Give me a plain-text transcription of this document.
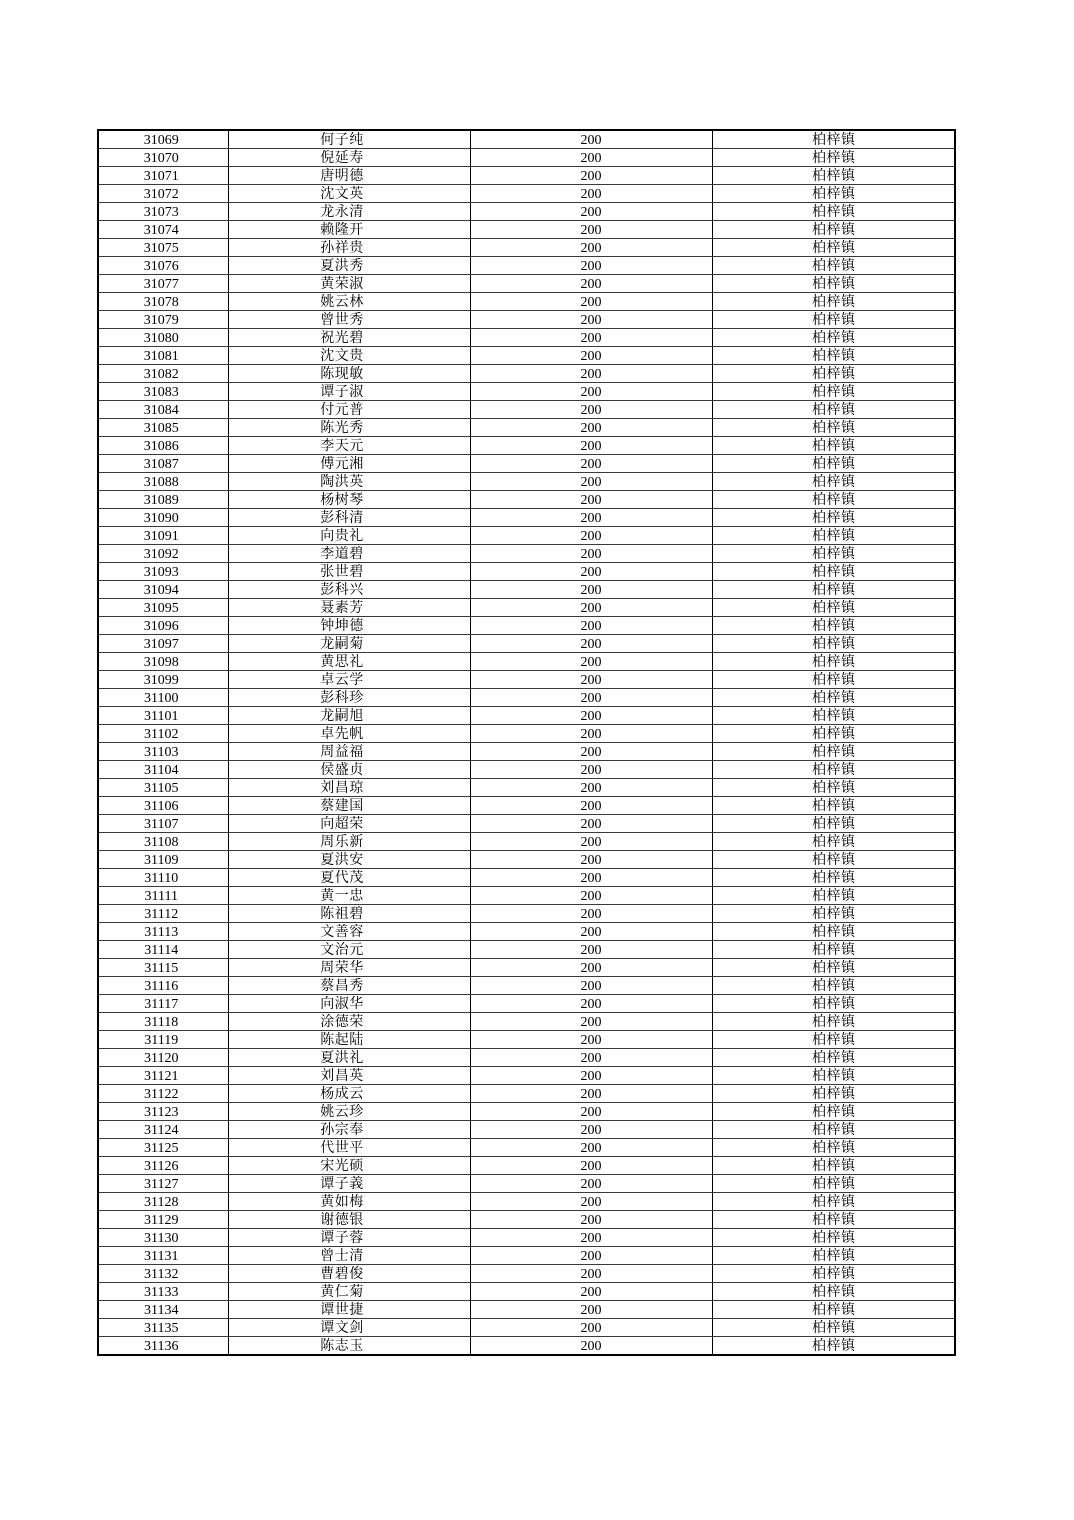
31069	何子纯	200	柏梓镇
31070	倪延寿	200	柏梓镇
31071	唐明德	200	柏梓镇
31072	沈文英	200	柏梓镇
31073	龙永清	200	柏梓镇
31074	赖隆开	200	柏梓镇
31075	孙祥贵	200	柏梓镇
31076	夏洪秀	200	柏梓镇
31077	黄荣淑	200	柏梓镇
31078	姚云林	200	柏梓镇
31079	曾世秀	200	柏梓镇
31080	祝光碧	200	柏梓镇
31081	沈文贵	200	柏梓镇
31082	陈现敏	200	柏梓镇
31083	谭子淑	200	柏梓镇
31084	付元普	200	柏梓镇
31085	陈光秀	200	柏梓镇
31086	李天元	200	柏梓镇
31087	傅元湘	200	柏梓镇
31088	陶洪英	200	柏梓镇
31089	杨树琴	200	柏梓镇
31090	彭科清	200	柏梓镇
31091	向贵礼	200	柏梓镇
31092	李道碧	200	柏梓镇
31093	张世碧	200	柏梓镇
31094	彭科兴	200	柏梓镇
31095	聂素芳	200	柏梓镇
31096	钟坤德	200	柏梓镇
31097	龙嗣菊	200	柏梓镇
31098	黄思礼	200	柏梓镇
31099	卓云学	200	柏梓镇
31100	彭科珍	200	柏梓镇
31101	龙嗣旭	200	柏梓镇
31102	卓先帆	200	柏梓镇
31103	周益福	200	柏梓镇
31104	侯盛贞	200	柏梓镇
31105	刘昌琼	200	柏梓镇
31106	蔡建国	200	柏梓镇
31107	向超荣	200	柏梓镇
31108	周乐新	200	柏梓镇
31109	夏洪安	200	柏梓镇
31110	夏代茂	200	柏梓镇
31111	黄一忠	200	柏梓镇
31112	陈祖碧	200	柏梓镇
31113	文善容	200	柏梓镇
31114	文治元	200	柏梓镇
31115	周荣华	200	柏梓镇
31116	蔡昌秀	200	柏梓镇
31117	向淑华	200	柏梓镇
31118	涂德荣	200	柏梓镇
31119	陈起陆	200	柏梓镇
31120	夏洪礼	200	柏梓镇
31121	刘昌英	200	柏梓镇
31122	杨成云	200	柏梓镇
31123	姚云珍	200	柏梓镇
31124	孙宗奉	200	柏梓镇
31125	代世平	200	柏梓镇
31126	宋光硕	200	柏梓镇
31127	谭子義	200	柏梓镇
31128	黄如梅	200	柏梓镇
31129	谢德银	200	柏梓镇
31130	谭子蓉	200	柏梓镇
31131	曾士清	200	柏梓镇
31132	曹碧俊	200	柏梓镇
31133	黄仁菊	200	柏梓镇
31134	谭世捷	200	柏梓镇
31135	谭文剑	200	柏梓镇
31136	陈志玉	200	柏梓镇
